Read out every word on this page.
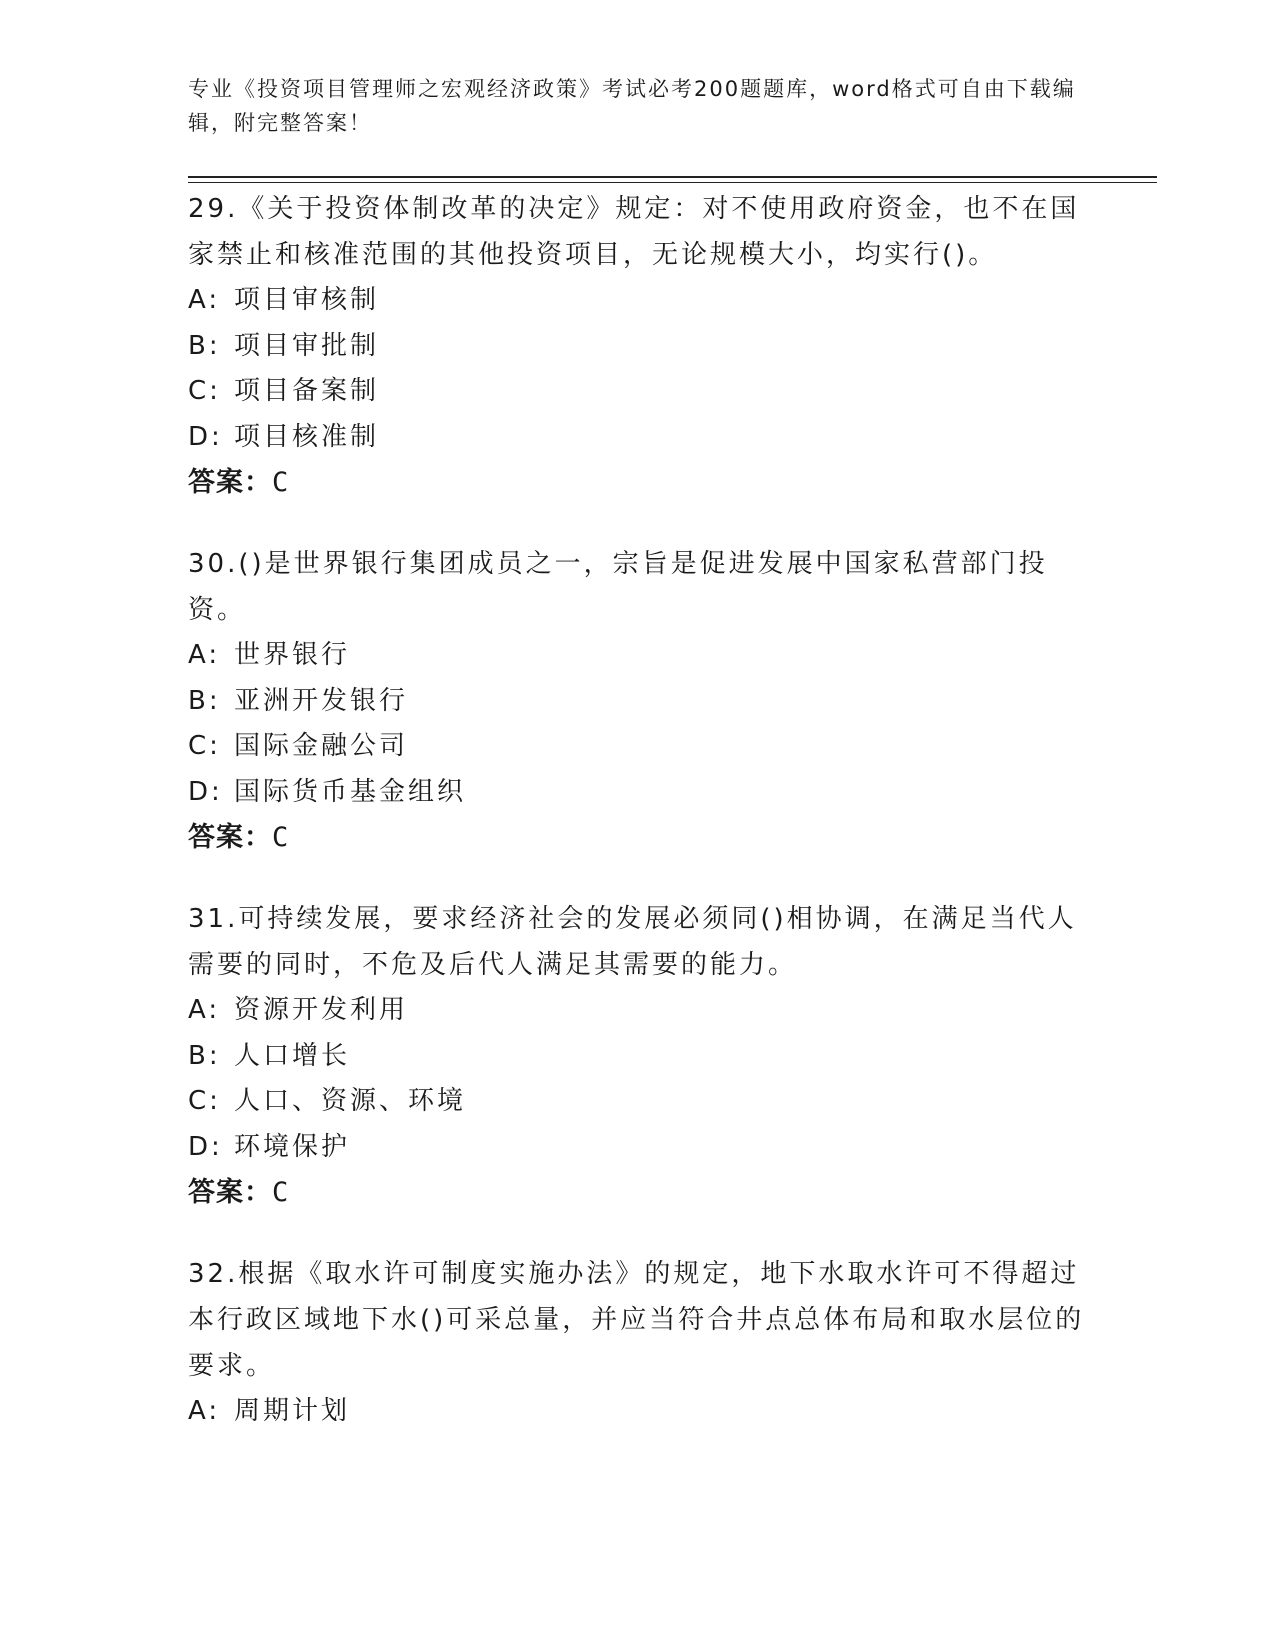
专业《投资项目管理师之宏观经济政策》考试必考200题题库，word格式可自由下载编辑，附完整答案！
29.《关于投资体制改革的决定》规定：对不使用政府资金，也不在国家禁止和核准范围的其他投资项目，无论规模大小，均实行()。
A: 项目审核制
B: 项目审批制
C: 项目备案制
D: 项目核准制
答案：C
30.()是世界银行集团成员之一，宗旨是促进发展中国家私营部门投资。
A: 世界银行
B: 亚洲开发银行
C: 国际金融公司
D: 国际货币基金组织
答案：C
31.可持续发展，要求经济社会的发展必须同()相协调，在满足当代人需要的同时，不危及后代人满足其需要的能力。
A: 资源开发利用
B: 人口增长
C: 人口、资源、环境
D: 环境保护
答案：C
32.根据《取水许可制度实施办法》的规定，地下水取水许可不得超过本行政区域地下水()可采总量，并应当符合井点总体布局和取水层位的要求。
A: 周期计划
